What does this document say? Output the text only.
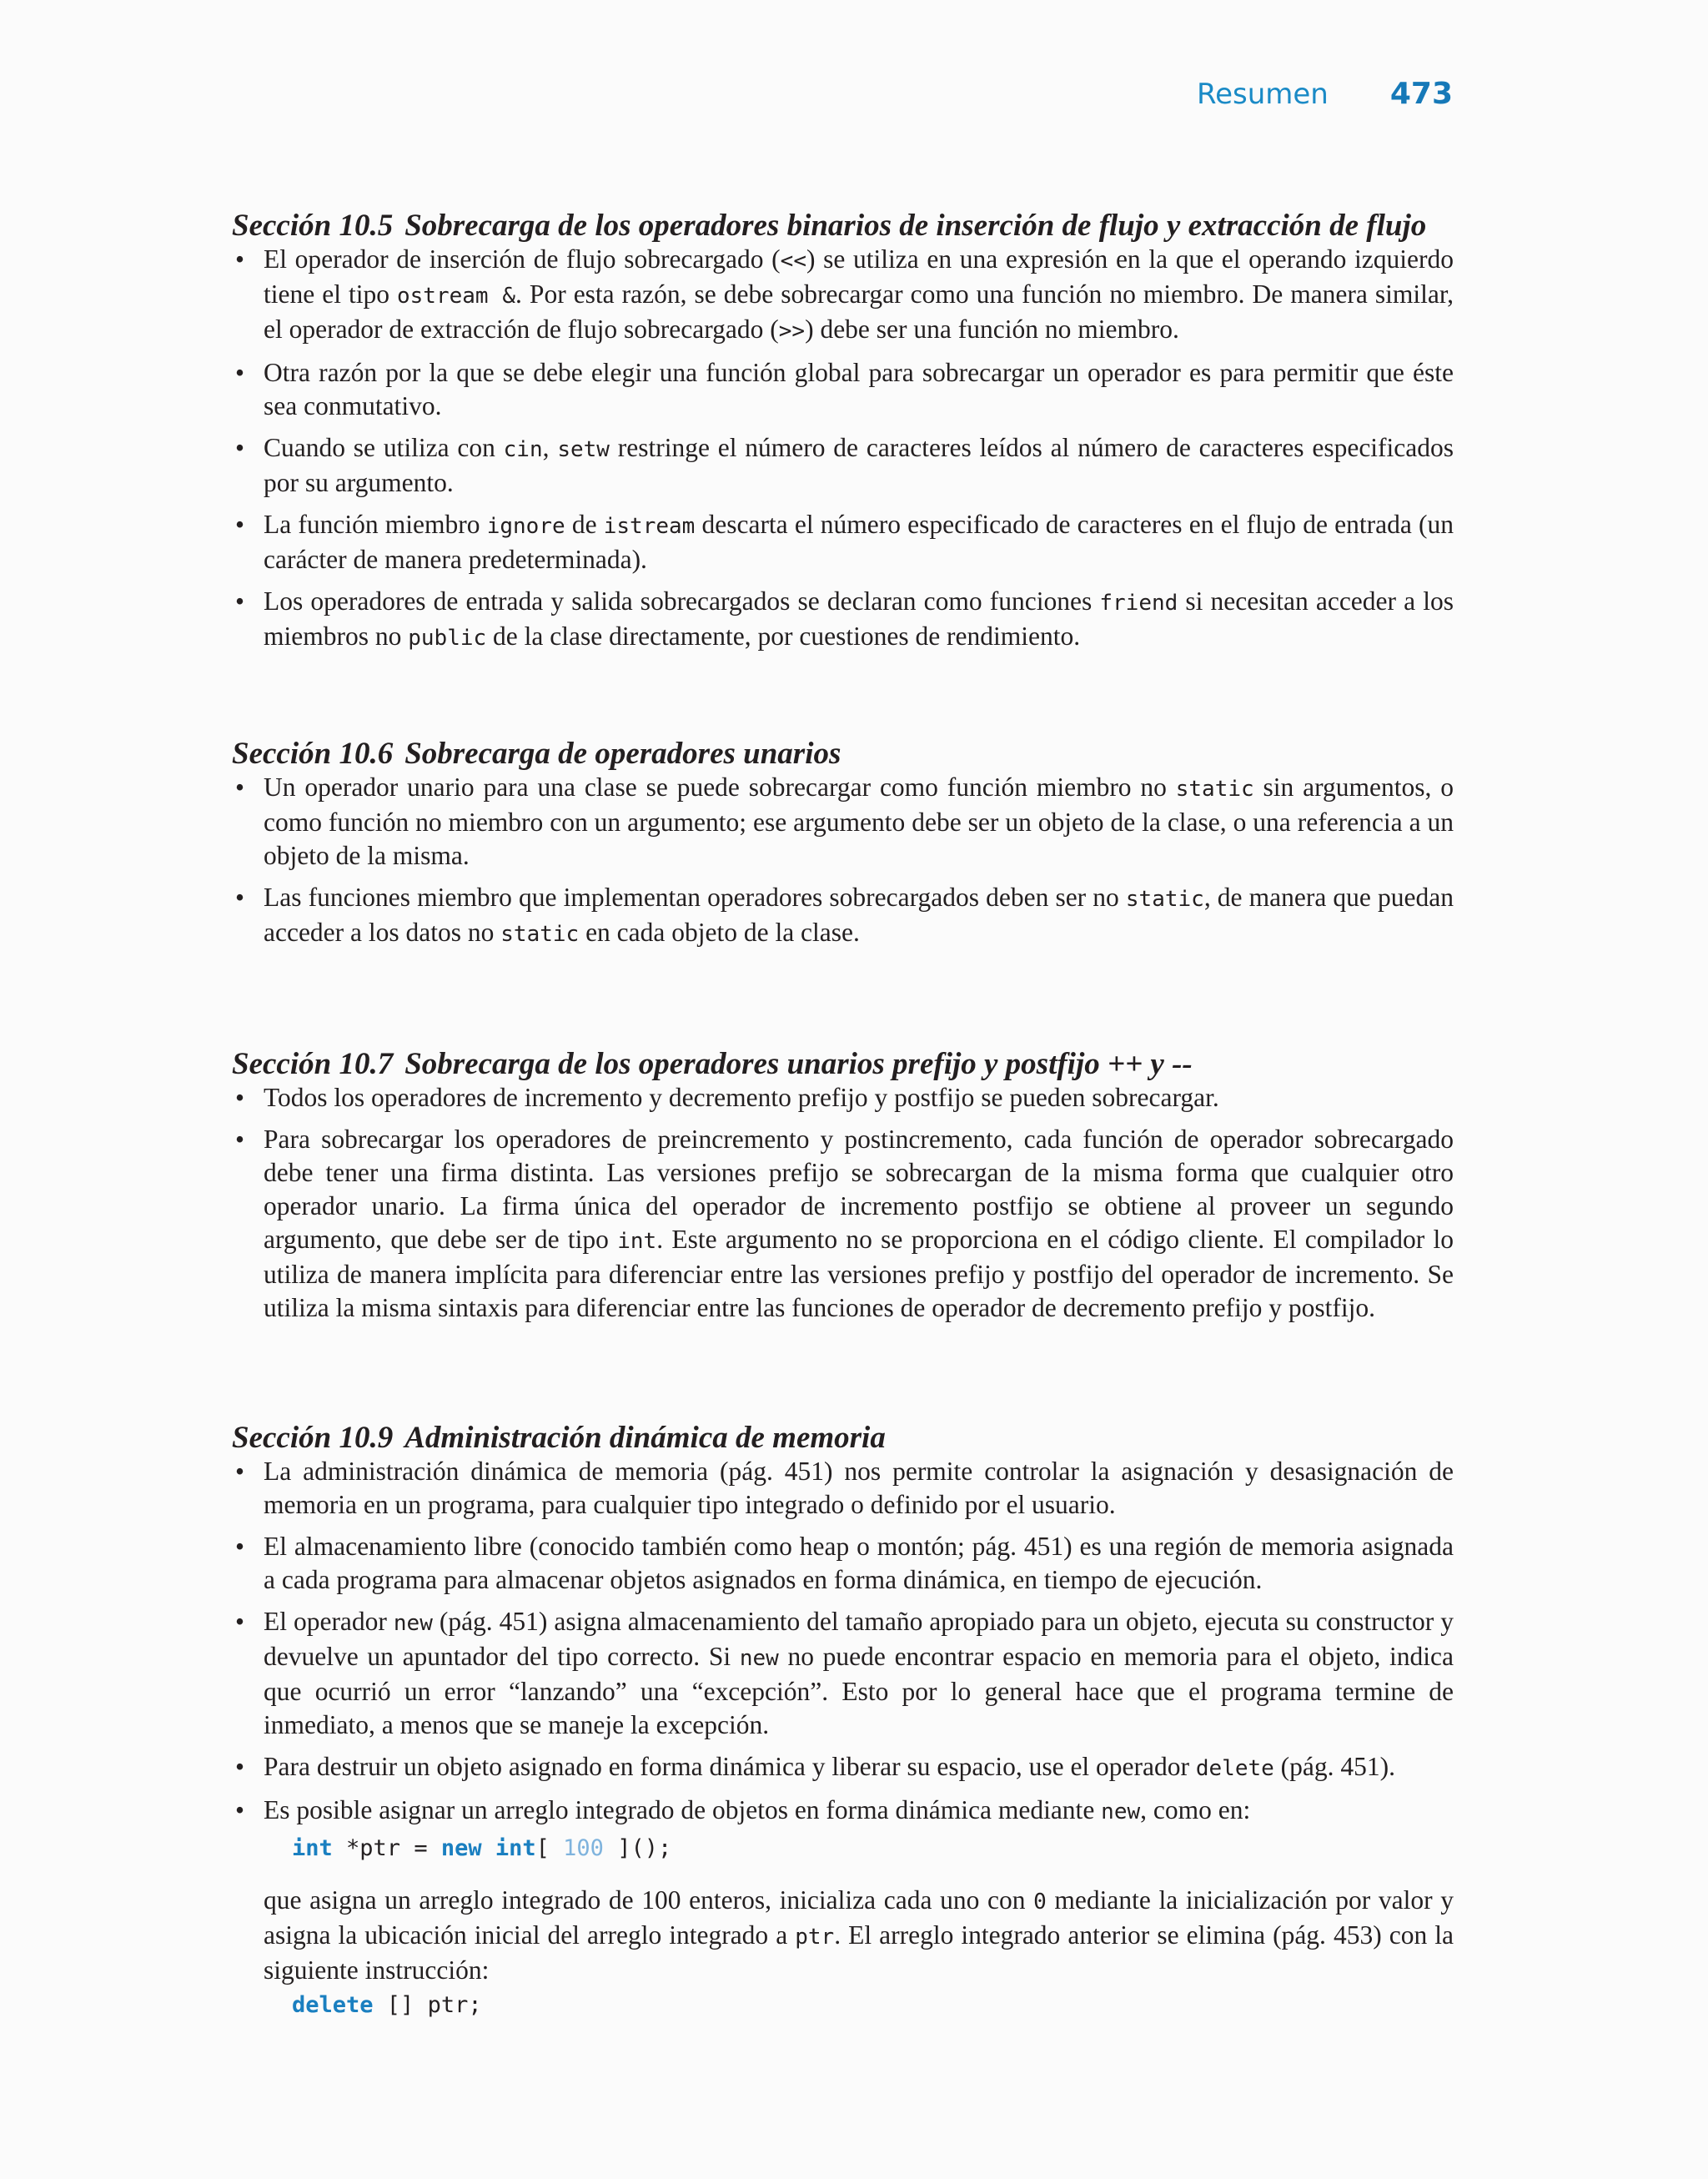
Resumen 473
Sección 10.5 Sobrecarga de los operadores binarios de inserción de flujo y extracción de flujo
• El operador de inserción de flujo sobrecargado (<<) se utiliza en una expresión en la que el operando izquierdo tiene el tipo ostream &. Por esta razón, se debe sobrecargar como una función no miembro. De manera similar, el operador de extracción de flujo sobrecargado (>>) debe ser una función no miembro.
• Otra razón por la que se debe elegir una función global para sobrecargar un operador es para permitir que éste sea conmutativo.
• Cuando se utiliza con cin, setw restringe el número de caracteres leídos al número de caracteres especificados por su argumento.
• La función miembro ignore de istream descarta el número especificado de caracteres en el flujo de entrada (un carácter de manera predeterminada).
• Los operadores de entrada y salida sobrecargados se declaran como funciones friend si necesitan acceder a los miembros no public de la clase directamente, por cuestiones de rendimiento.
Sección 10.6 Sobrecarga de operadores unarios
• Un operador unario para una clase se puede sobrecargar como función miembro no static sin argumentos, o como función no miembro con un argumento; ese argumento debe ser un objeto de la clase, o una referencia a un objeto de la misma.
• Las funciones miembro que implementan operadores sobrecargados deben ser no static, de manera que puedan acceder a los datos no static en cada objeto de la clase.
Sección 10.7 Sobrecarga de los operadores unarios prefijo y postfijo ++ y --
• Todos los operadores de incremento y decremento prefijo y postfijo se pueden sobrecargar.
• Para sobrecargar los operadores de preincremento y postincremento, cada función de operador sobrecargado debe tener una firma distinta. Las versiones prefijo se sobrecargan de la misma forma que cualquier otro operador unario. La firma única del operador de incremento postfijo se obtiene al proveer un segundo argumento, que debe ser de tipo int. Este argumento no se proporciona en el código cliente. El compilador lo utiliza de manera implícita para diferenciar entre las versiones prefijo y postfijo del operador de incremento. Se utiliza la misma sintaxis para diferenciar entre las funciones de operador de decremento prefijo y postfijo.
Sección 10.9 Administración dinámica de memoria
• La administración dinámica de memoria (pág. 451) nos permite controlar la asignación y desasignación de memoria en un programa, para cualquier tipo integrado o definido por el usuario.
• El almacenamiento libre (conocido también como heap o montón; pág. 451) es una región de memoria asignada a cada programa para almacenar objetos asignados en forma dinámica, en tiempo de ejecución.
• El operador new (pág. 451) asigna almacenamiento del tamaño apropiado para un objeto, ejecuta su constructor y devuelve un apuntador del tipo correcto. Si new no puede encontrar espacio en memoria para el objeto, indica que ocurrió un error “lanzando” una “excepción”. Esto por lo general hace que el programa termine de inmediato, a menos que se maneje la excepción.
• Para destruir un objeto asignado en forma dinámica y liberar su espacio, use el operador delete (pág. 451).
• Es posible asignar un arreglo integrado de objetos en forma dinámica mediante new, como en:
int *ptr = new int[ 100 ]();
que asigna un arreglo integrado de 100 enteros, inicializa cada uno con 0 mediante la inicialización por valor y asigna la ubicación inicial del arreglo integrado a ptr. El arreglo integrado anterior se elimina (pág. 453) con la siguiente instrucción:
delete [] ptr;
